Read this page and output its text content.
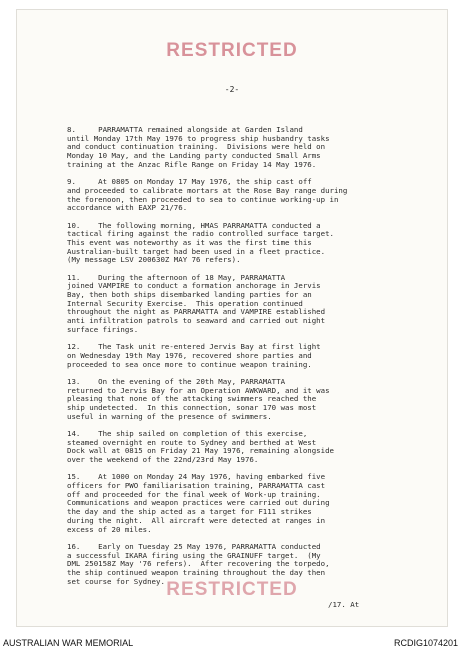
RESTRICTED
-2-
8.     PARRAMATTA remained alongside at Garden Island
until Monday 17th May 1976 to progress ship husbandry tasks
and conduct continuation training.  Divisions were held on
Monday 10 May, and the Landing party conducted Small Arms
training at the Anzac Rifle Range on Friday 14 May 1976.
9.     At 0805 on Monday 17 May 1976, the ship cast off
and proceeded to calibrate mortars at the Rose Bay range during
the forenoon, then proceeded to sea to continue working-up in
accordance with EAXP 21/76.
10.    The following morning, HMAS PARRAMATTA conducted a
tactical firing against the radio controlled surface target.
This event was noteworthy as it was the first time this
Australian-built target had been used in a fleet practice.
(My message LSV 200630Z MAY 76 refers).
11.    During the afternoon of 18 May, PARRAMATTA
joined VAMPIRE to conduct a formation anchorage in Jervis
Bay, then both ships disembarked landing parties for an
Internal Security Exercise.  This operation continued
throughout the night as PARRAMATTA and VAMPIRE established
anti infiltration patrols to seaward and carried out night
surface firings.
12.    The Task unit re-entered Jervis Bay at first light
on Wednesday 19th May 1976, recovered shore parties and
proceeded to sea once more to continue weapon training.
13.    On the evening of the 20th May, PARRAMATTA
returned to Jervis Bay for an Operation AWKWARD, and it was
pleasing that none of the attacking swimmers reached the
ship undetected.  In this connection, sonar 170 was most
useful in warning of the presence of swimmers.
14.    The ship sailed on completion of this exercise,
steamed overnight en route to Sydney and berthed at West
Dock wall at 0815 on Friday 21 May 1976, remaining alongside
over the weekend of the 22nd/23rd May 1976.
15.    At 1000 on Monday 24 May 1976, having embarked five
officers for PWO familiarisation training, PARRAMATTA cast
off and proceeded for the final week of Work-up training.
Communications and weapon practices were carried out during
the day and the ship acted as a target for F111 strikes
during the night.  All aircraft were detected at ranges in
excess of 20 miles.
16.    Early on Tuesday 25 May 1976, PARRAMATTA conducted
a successful IKARA firing using the GRAINUFF target.  (My
DML 250158Z May '76 refers).  After recovering the torpedo,
the ship continued weapon training throughout the day then
set course for Sydney. RESTRICTED
/17. At
AUSTRALIAN WAR MEMORIAL	RCDIG1074201
